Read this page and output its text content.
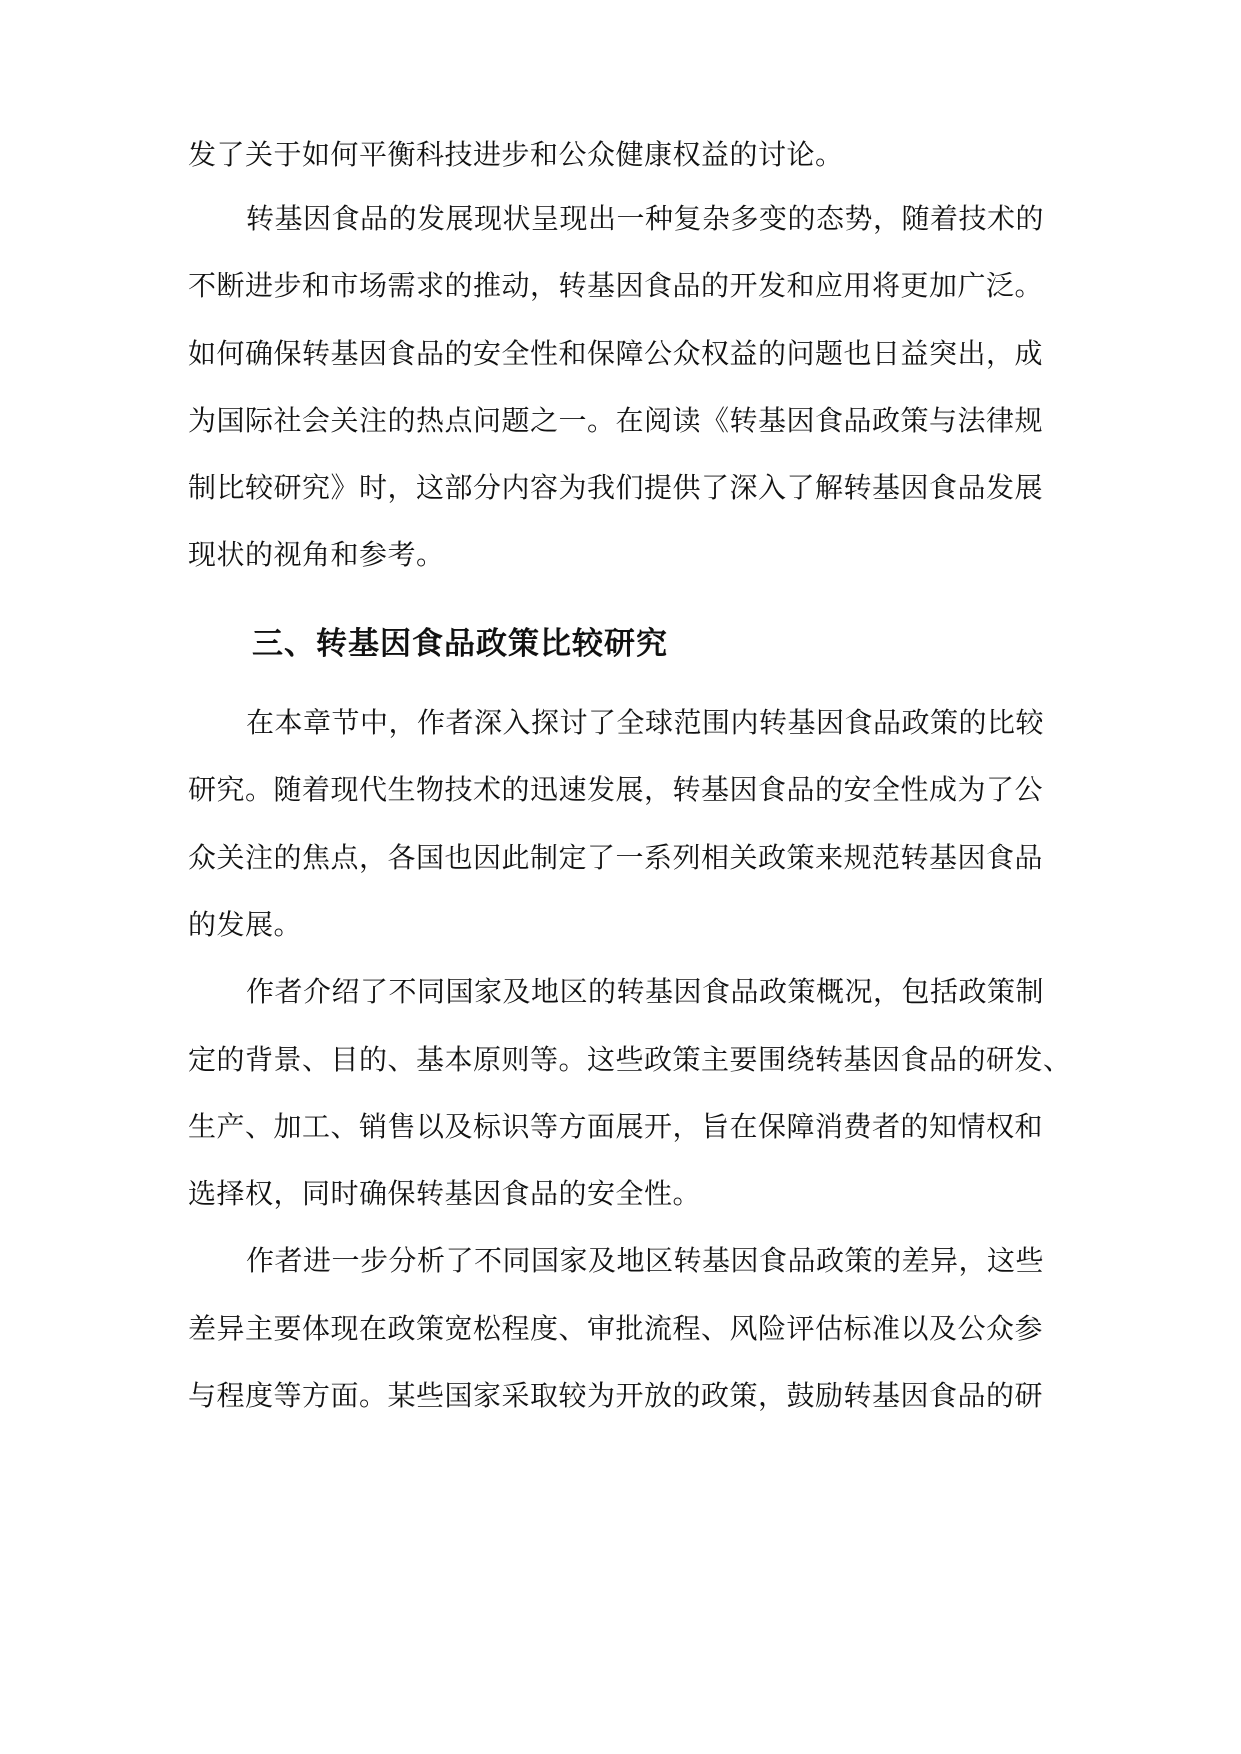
发了关于如何平衡科技进步和公众健康权益的讨论。

转基因食品的发展现状呈现出一种复杂多变的态势，随着技术的

不断进步和市场需求的推动，转基因食品的开发和应用将更加广泛。

如何确保转基因食品的安全性和保障公众权益的问题也日益突出，成

为国际社会关注的热点问题之一。在阅读《转基因食品政策与法律规

制比较研究》时，这部分内容为我们提供了深入了解转基因食品发展

现状的视角和参考。

三、转基因食品政策比较研究

在本章节中，作者深入探讨了全球范围内转基因食品政策的比较

研究。随着现代生物技术的迅速发展，转基因食品的安全性成为了公

众关注的焦点，各国也因此制定了一系列相关政策来规范转基因食品

的发展。

作者介绍了不同国家及地区的转基因食品政策概况，包括政策制

定的背景、目的、基本原则等。这些政策主要围绕转基因食品的研发、

生产、加工、销售以及标识等方面展开，旨在保障消费者的知情权和

选择权，同时确保转基因食品的安全性。

作者进一步分析了不同国家及地区转基因食品政策的差异，这些

差异主要体现在政策宽松程度、审批流程、风险评估标准以及公众参

与程度等方面。某些国家采取较为开放的政策，鼓励转基因食品的研
